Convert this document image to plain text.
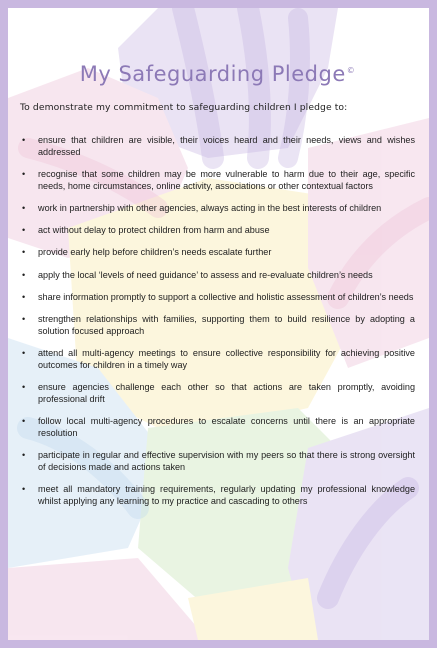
My Safeguarding Pledge©

To demonstrate my commitment to safeguarding children I pledge to:

• ensure that children are visible, their voices heard and their needs, views and wishes addressed
• recognise that some children may be more vulnerable to harm due to their age, specific needs, home circumstances, online activity, associations or other contextual factors
• work in partnership with other agencies, always acting in the best interests of children
• act without delay to protect children from harm and abuse
• provide early help before children’s needs escalate further
• apply the local ‘levels of need guidance’ to assess and re-evaluate children’s needs
• share information promptly to support a collective and holistic assessment of children’s needs
• strengthen relationships with families, supporting them to build resilience by adopting a solution focused approach
• attend all multi-agency meetings to ensure collective responsibility for achieving positive outcomes for children in a timely way
• ensure agencies challenge each other so that actions are taken promptly, avoiding professional drift
• follow local multi-agency procedures to escalate concerns until there is an appropriate resolution
• participate in regular and effective supervision with my peers so that there is strong oversight of decisions made and actions taken
• meet all mandatory training requirements, regularly updating my professional knowledge whilst applying any learning to my practice and cascading to others
